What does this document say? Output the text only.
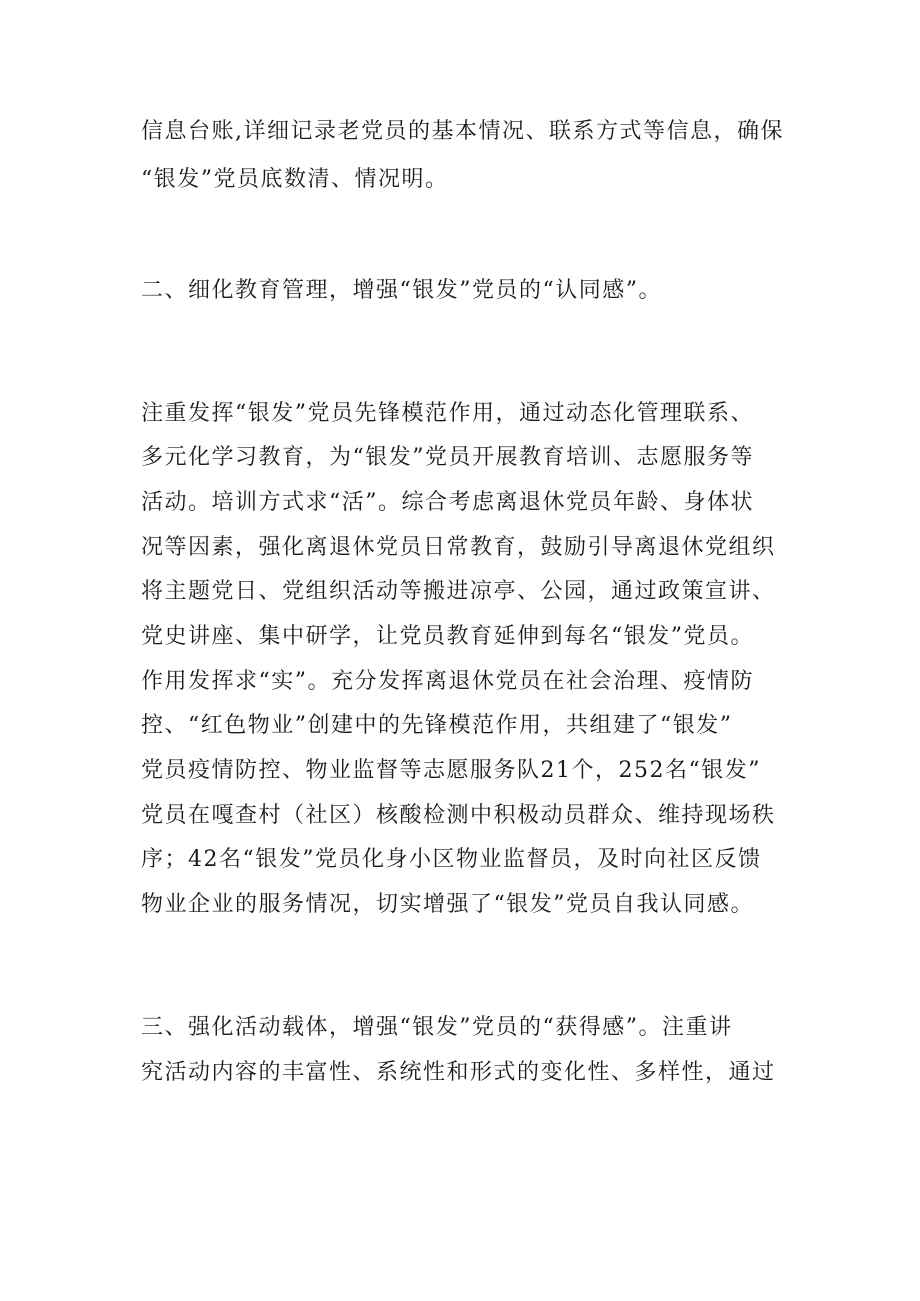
信息台账,详细记录老党员的基本情况、联系方式等信息，确保

“银发”党员底数清、情况明。

二、细化教育管理，增强“银发”党员的“认同感”。

注重发挥“银发”党员先锋模范作用，通过动态化管理联系、

多元化学习教育，为“银发”党员开展教育培训、志愿服务等

活动。培训方式求“活”。综合考虑离退休党员年龄、身体状

况等因素，强化离退休党员日常教育，鼓励引导离退休党组织

将主题党日、党组织活动等搬进凉亭、公园，通过政策宣讲、

党史讲座、集中研学，让党员教育延伸到每名“银发”党员。

作用发挥求“实”。充分发挥离退休党员在社会治理、疫情防

控、“红色物业”创建中的先锋模范作用，共组建了“银发”

党员疫情防控、物业监督等志愿服务队21个，252名“银发”

党员在嘎查村（社区）核酸检测中积极动员群众、维持现场秩

序；42名“银发”党员化身小区物业监督员，及时向社区反馈

物业企业的服务情况，切实增强了“银发”党员自我认同感。

三、强化活动载体，增强“银发”党员的“获得感”。注重讲

究活动内容的丰富性、系统性和形式的变化性、多样性，通过
